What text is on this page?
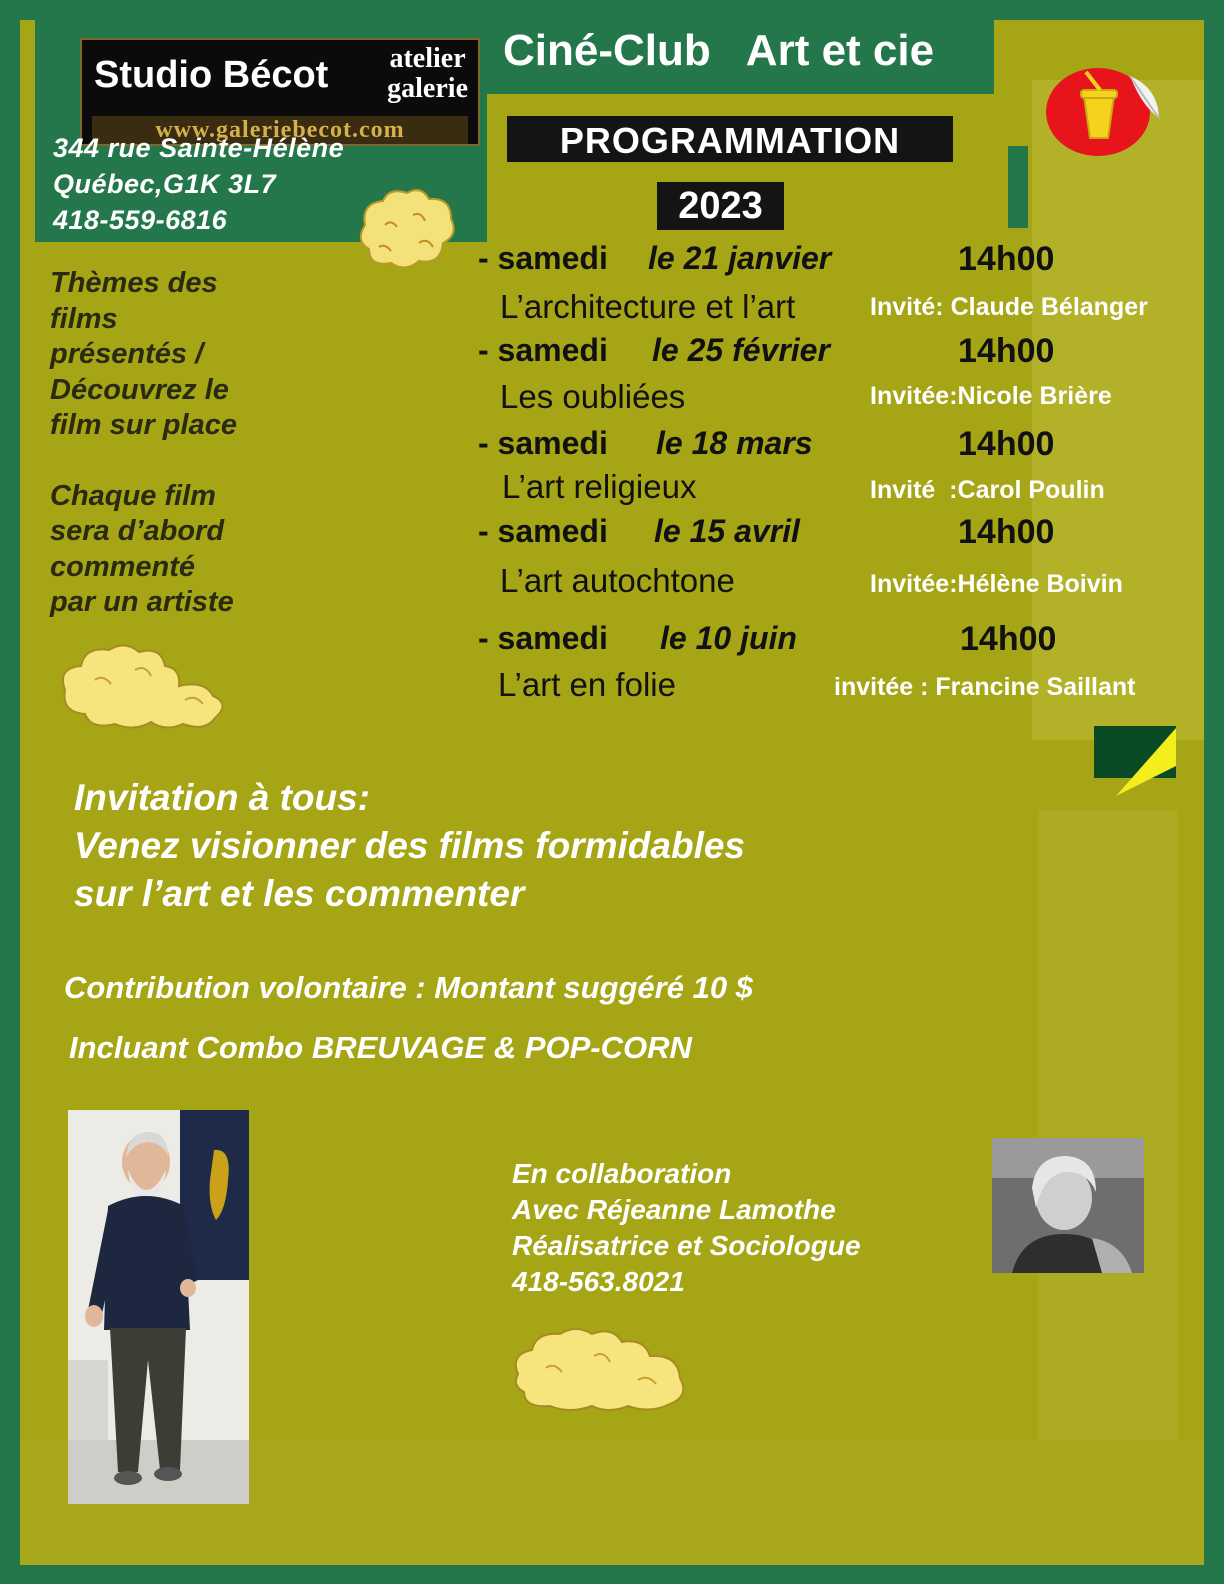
Studio Bécot atelier
galerie
www.galeriebecot.com
344 rue Sainte-Hélène
Québec,G1K 3L7
418-559-6816
Ciné-Club   Art et cie
PROGRAMMATION
2023
- samedi le 21 janvier	14h00
L’architecture et l’art	Invité: Claude Bélanger
- samedi le 25 février	14h00
Les oubliées	Invitée:Nicole Brière
- samedi le 18 mars	14h00
L’art religieux	Invité  :Carol Poulin
- samedi le 15 avril	14h00
L’art autochtone	Invitée:Hélène Boivin
- samedi le 10 juin	14h00
L’art en folie	invitée : Francine Saillant
Thèmes des
films
présentés /
Découvrez le
film sur place
Chaque film
sera d’abord
commenté
par un artiste
Invitation à tous:
Venez visionner des films formidables
sur l’art et les commenter
Contribution volontaire : Montant suggéré 10 $
Incluant Combo BREUVAGE & POP-CORN
En collaboration
Avec Réjeanne Lamothe
Réalisatrice et Sociologue
418-563.8021
